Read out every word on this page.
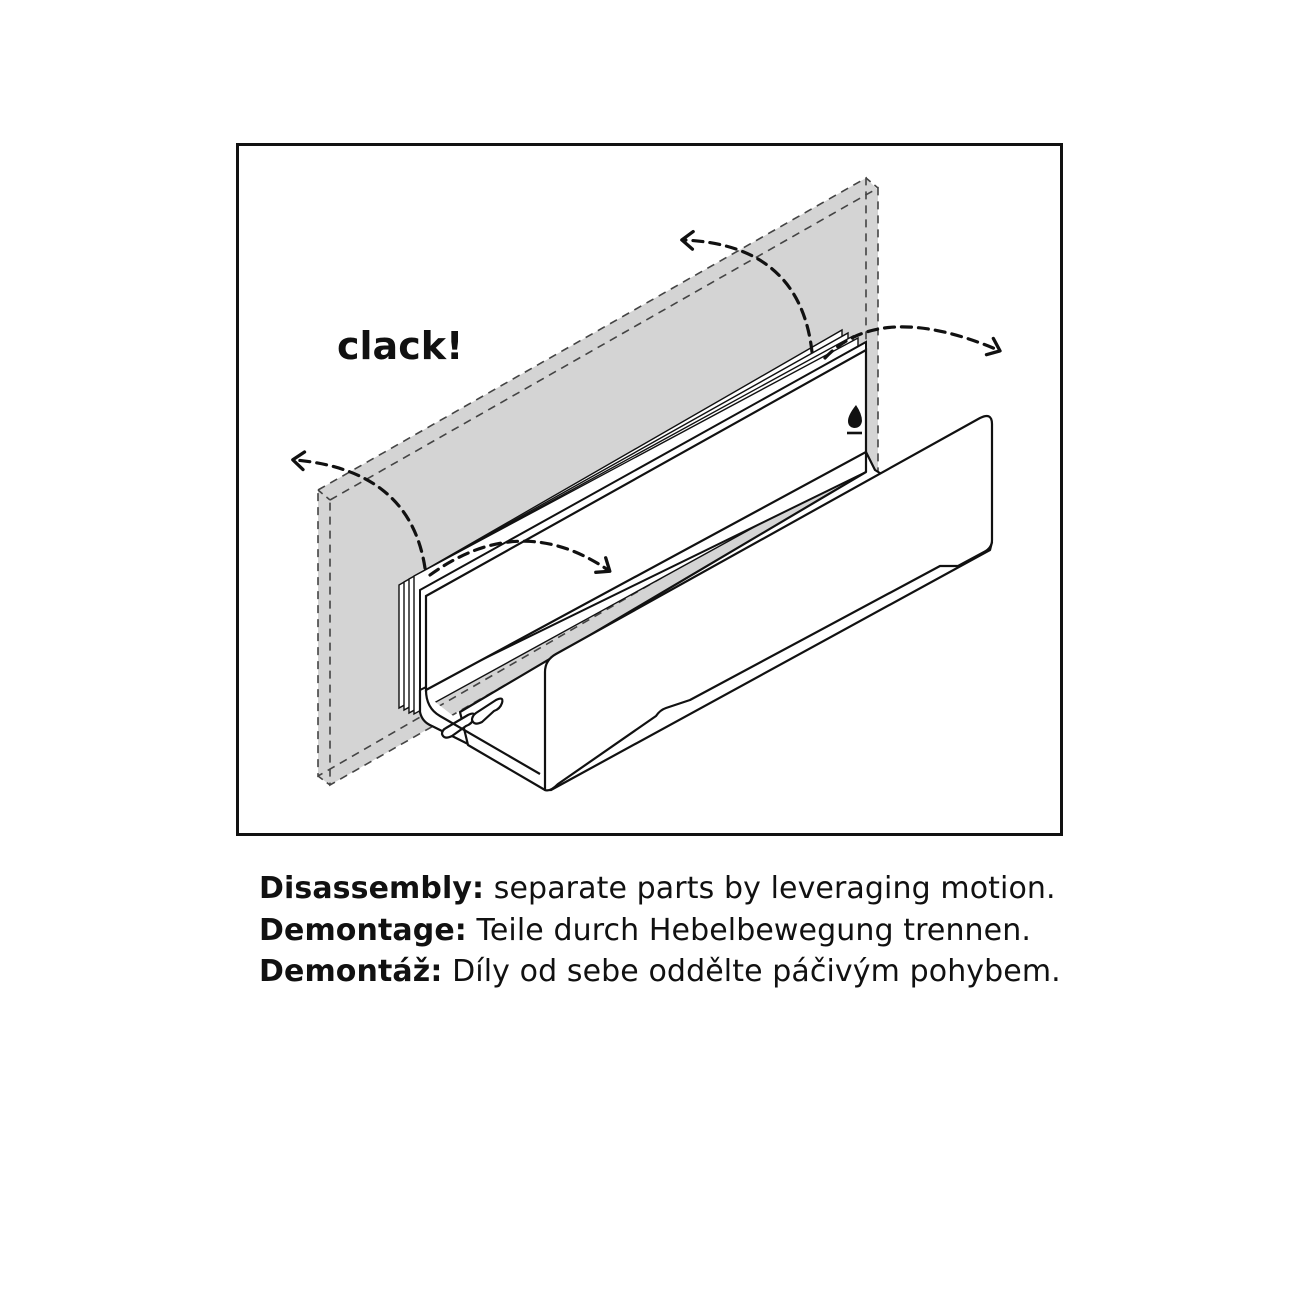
clack!
Disassembly: separate parts by leveraging motion.
Demontage: Teile durch Hebelbewegung trennen.
Demontáž: Díly od sebe oddělte páčivým pohybem.
